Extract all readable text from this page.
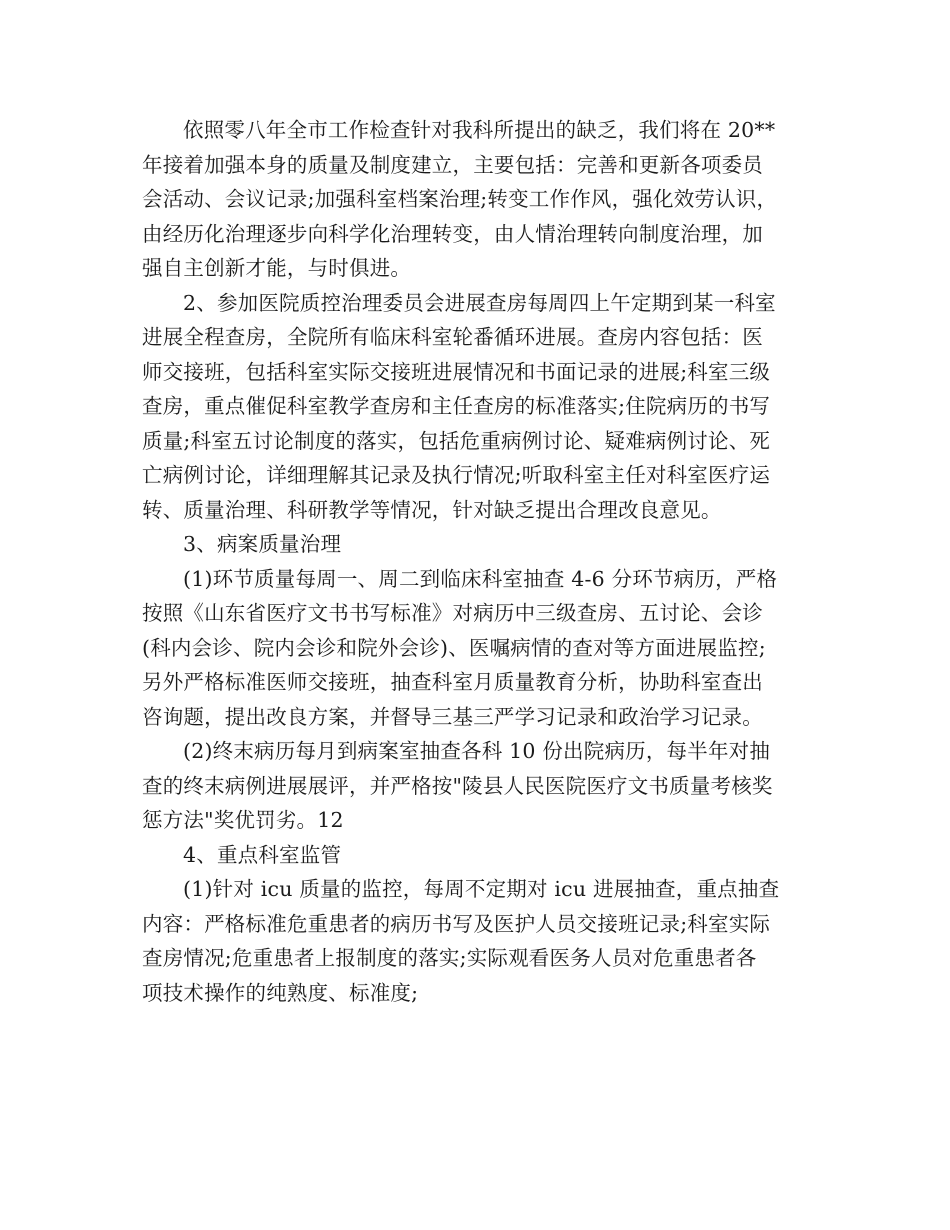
依照零八年全市工作检查针对我科所提出的缺乏，我们将在 20**
年接着加强本身的质量及制度建立，主要包括：完善和更新各项委员
会活动、会议记录;加强科室档案治理;转变工作作风，强化效劳认识，
由经历化治理逐步向科学化治理转变，由人情治理转向制度治理，加
强自主创新才能，与时俱进。

2、参加医院质控治理委员会进展查房每周四上午定期到某一科室
进展全程查房，全院所有临床科室轮番循环进展。查房内容包括：医
师交接班，包括科室实际交接班进展情况和书面记录的进展;科室三级
查房，重点催促科室教学查房和主任查房的标准落实;住院病历的书写
质量;科室五讨论制度的落实，包括危重病例讨论、疑难病例讨论、死
亡病例讨论，详细理解其记录及执行情况;听取科室主任对科室医疗运
转、质量治理、科研教学等情况，针对缺乏提出合理改良意见。

3、病案质量治理

(1)环节质量每周一、周二到临床科室抽查 4-6 分环节病历，严格
按照《山东省医疗文书书写标准》对病历中三级查房、五讨论、会诊
(科内会诊、院内会诊和院外会诊)、医嘱病情的查对等方面进展监控;
另外严格标准医师交接班，抽查科室月质量教育分析，协助科室查出
咨询题，提出改良方案，并督导三基三严学习记录和政治学习记录。

(2)终末病历每月到病案室抽查各科 10 份出院病历，每半年对抽
查的终末病例进展展评，并严格按"陵县人民医院医疗文书质量考核奖
惩方法"奖优罚劣。12

4、重点科室监管

(1)针对 icu 质量的监控，每周不定期对 icu 进展抽查，重点抽查
内容：严格标准危重患者的病历书写及医护人员交接班记录;科室实际
查房情况;危重患者上报制度的落实;实际观看医务人员对危重患者各
项技术操作的纯熟度、标准度;
